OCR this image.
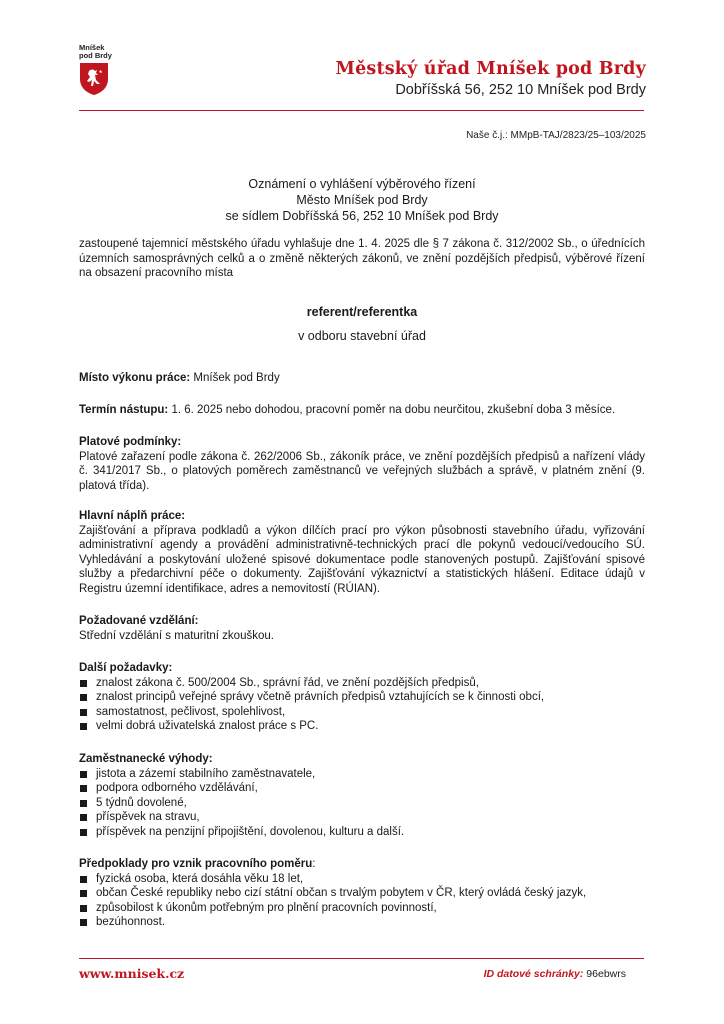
Mníšek pod Brdy
Městský úřad Mníšek pod Brdy
Dobříšská 56, 252 10 Mníšek pod Brdy
Naše č.j.: MMpB-TAJ/2823/25–103/2025
Oznámení o vyhlášení výběrového řízení
Město Mníšek pod Brdy
se sídlem Dobříšská 56, 252 10 Mníšek pod Brdy
zastoupené tajemnicí městského úřadu vyhlašuje dne 1. 4. 2025 dle § 7 zákona č. 312/2002 Sb., o úřednících územních samosprávných celků a o změně některých zákonů, ve znění pozdějších předpisů, výběrové řízení na obsazení pracovního místa
referent/referentka
v odboru stavební úřad
Místo výkonu práce: Mníšek pod Brdy
Termín nástupu: 1. 6. 2025 nebo dohodou, pracovní poměr na dobu neurčitou, zkušební doba 3 měsíce.
Platové podmínky:
Platové zařazení podle zákona č. 262/2006 Sb., zákoník práce, ve znění pozdějších předpisů a nařízení vlády č. 341/2017 Sb., o platových poměrech zaměstnanců ve veřejných službách a správě, v platném znění (9. platová třída).
Hlavní náplň práce:
Zajišťování a příprava podkladů a výkon dílčích prací pro výkon působnosti stavebního úřadu, vyřizování administrativní agendy a provádění administrativně-technických prací dle pokynů vedoucí/vedoucího SÚ. Vyhledávání a poskytování uložené spisové dokumentace podle stanovených postupů. Zajišťování spisové služby a předarchivní péče o dokumenty. Zajišťování výkaznictví a statistických hlášení. Editace údajů v Registru územní identifikace, adres a nemovitostí (RÚIAN).
Požadované vzdělání:
Střední vzdělání s maturitní zkouškou.
Další požadavky:
znalost zákona č. 500/2004 Sb., správní řád, ve znění pozdějších předpisů,
znalost principů veřejné správy včetně právních předpisů vztahujících se k činnosti obcí,
samostatnost, pečlivost, spolehlivost,
velmi dobrá uživatelská znalost práce s PC.
Zaměstnanecké výhody:
jistota a zázemí stabilního zaměstnavatele,
podpora odborného vzdělávání,
5 týdnů dovolené,
příspěvek na stravu,
příspěvek na penzijní připojištění, dovolenou, kulturu a další.
Předpoklady pro vznik pracovního poměru:
fyzická osoba, která dosáhla věku 18 let,
občan České republiky nebo cizí státní občan s trvalým pobytem v ČR, který ovládá český jazyk,
způsobilost k úkonům potřebným pro plnění pracovních povinností,
bezúhonnost.
www.mnisek.cz	ID datové schránky: 96ebwrs
